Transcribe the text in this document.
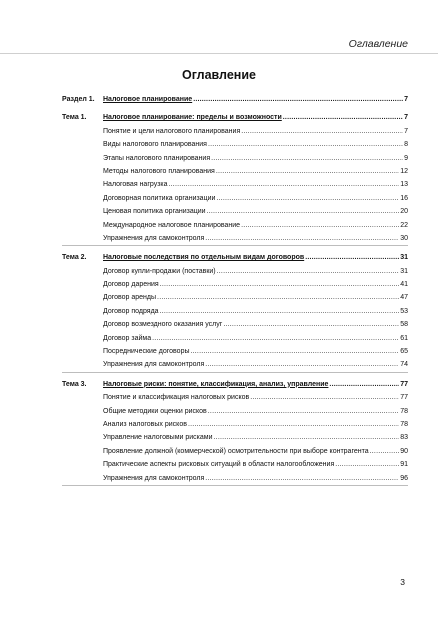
Оглавление
Оглавление
Раздел 1. Налоговое планирование .....	7
Тема 1. Налоговое планирование: пределы и возможности .....	7
Понятие и цели налогового планирования .....	7
Виды налогового планирования .....	8
Этапы налогового планирования .....	9
Методы налогового планирования .....	12
Налоговая нагрузка .....	13
Договорная политика организации .....	16
Ценовая политика организации .....	20
Международное налоговое планирование .....	22
Упражнения для самоконтроля .....	30
Тема 2. Налоговые последствия по отдельным видам договоров .....	31
Договор купли-продажи (поставки) .....	31
Договор дарения .....	41
Договор аренды .....	47
Договор подряда .....	53
Договор возмездного оказания услуг .....	58
Договор займа .....	61
Посреднические договоры .....	65
Упражнения для самоконтроля .....	74
Тема 3. Налоговые риски: понятие, классификация, анализ, управление .....	77
Понятие и классификация налоговых рисков .....	77
Общие методики оценки рисков .....	78
Анализ налоговых рисков .....	78
Управление налоговыми рисками .....	83
Проявление должной (коммерческой) осмотрительности при выборе контрагента .....	90
Практические аспекты рисковых ситуаций в области налогообложения .....	91
Упражнения для самоконтроля .....	96
3
